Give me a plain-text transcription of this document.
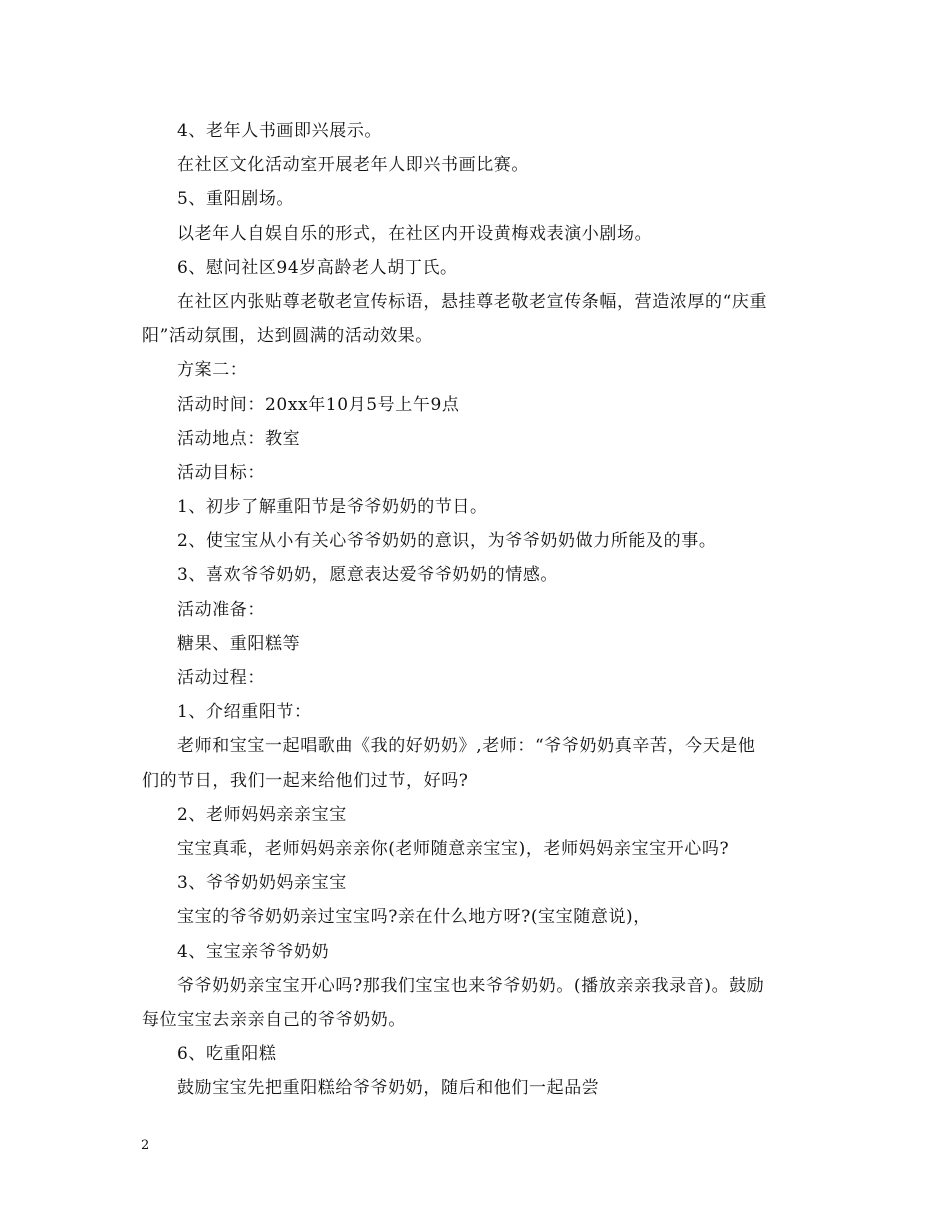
4、老年人书画即兴展示。
在社区文化活动室开展老年人即兴书画比赛。
5、重阳剧场。
以老年人自娱自乐的形式，在社区内开设黄梅戏表演小剧场。
6、慰问社区94岁高龄老人胡丁氏。
在社区内张贴尊老敬老宣传标语，悬挂尊老敬老宣传条幅，营造浓厚的“庆重
阳”活动氛围，达到圆满的活动效果。
方案二：
活动时间：20xx年10月5号上午9点
活动地点：教室
活动目标：
1、初步了解重阳节是爷爷奶奶的节日。
2、使宝宝从小有关心爷爷奶奶的意识，为爷爷奶奶做力所能及的事。
3、喜欢爷爷奶奶，愿意表达爱爷爷奶奶的情感。
活动准备：
糖果、重阳糕等
活动过程：
1、介绍重阳节：
老师和宝宝一起唱歌曲《我的好奶奶》,老师：“爷爷奶奶真辛苦，今天是他
们的节日，我们一起来给他们过节，好吗?
2、老师妈妈亲亲宝宝
宝宝真乖，老师妈妈亲亲你(老师随意亲宝宝)，老师妈妈亲宝宝开心吗?
3、爷爷奶奶妈亲宝宝
宝宝的爷爷奶奶亲过宝宝吗?亲在什么地方呀?(宝宝随意说)，
4、宝宝亲爷爷奶奶
爷爷奶奶亲宝宝开心吗?那我们宝宝也来爷爷奶奶。(播放亲亲我录音)。鼓励
每位宝宝去亲亲自己的爷爷奶奶。
6、吃重阳糕
鼓励宝宝先把重阳糕给爷爷奶奶，随后和他们一起品尝
2
